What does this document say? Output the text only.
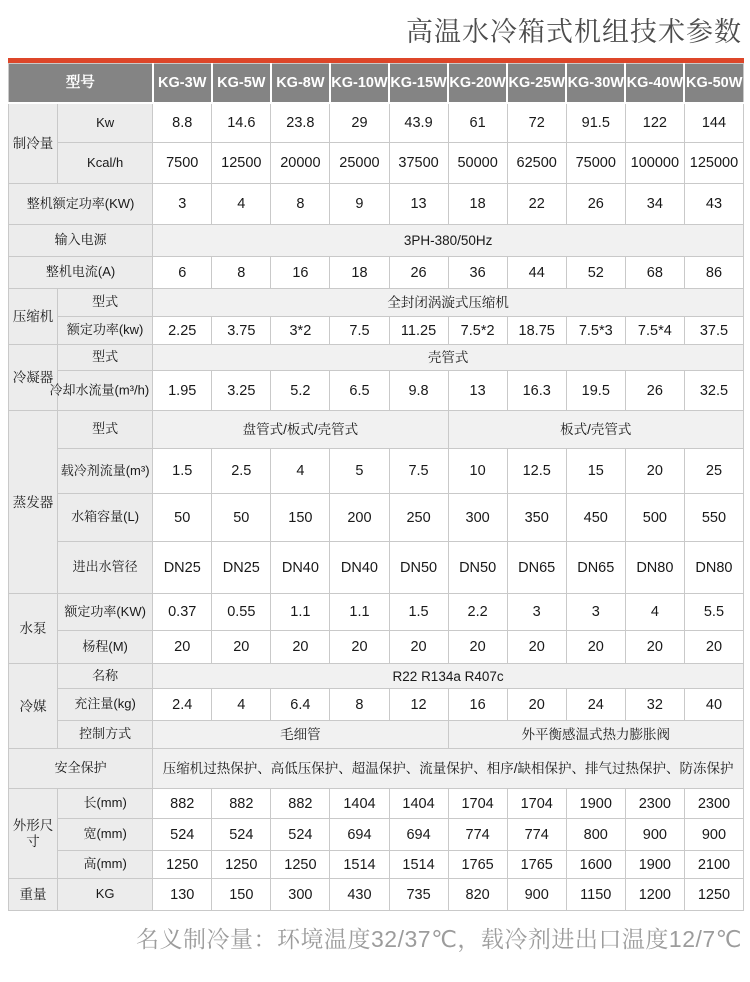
高温水冷箱式机组技术参数
型号		KG-3W	KG-5W	KG-8W	KG-10W	KG-15W	KG-20W	KG-25W	KG-30W	KG-40W	KG-50W
制冷量	Kw	8.8	14.6	23.8	29	43.9	61	72	91.5	122	144
	Kcal/h	7500	12500	20000	25000	37500	50000	62500	75000	100000	125000
整机额定功率(KW)		3	4	8	9	13	18	22	26	34	43
输入电源		3PH-380/50Hz									
整机电流(A)		6	8	16	18	26	36	44	52	68	86
压缩机	型式	全封闭涡漩式压缩机									
	额定功率(kw)	2.25	3.75	3*2	7.5	11.25	7.5*2	18.75	7.5*3	7.5*4	37.5
冷凝器	型式	壳管式									

	冷却水流量(m³/h)	1.95	3.25	5.2	6.5	9.8	13	16.3	19.5	26	32.5
蒸发器	型式	盘管式/板式/壳管式					板式/壳管式				
	载冷剂流量(m³)	1.5	2.5	4	5	7.5	10	12.5	15	20	25
	水箱容量(L)	50	50	150	200	250	300	350	450	500	550
	进出水管径	DN25	DN25	DN40	DN40	DN50	DN50	DN65	DN65	DN80	DN80
水泵	额定功率(KW)	0.37	0.55	1.1	1.1	1.5	2.2	3	3	4	5.5
	杨程(M)	20	20	20	20	20	20	20	20	20	20
冷媒	名称	R22 R134a R407c									
	充注量(kg)	2.4	4	6.4	8	12	16	20	24	32	40
	控制方式	毛细管					外平衡感温式热力膨胀阀				
安全保护		压缩机过热保护、高低压保护、超温保护、流量保护、相序/缺相保护、排气过热保护、防冻保护									
外形尺寸	长(mm)	882	882	882	1404	1404	1704	1704	1900	2300	2300
	宽(mm)	524	524	524	694	694	774	774	800	900	900
	高(mm)	1250	1250	1250	1514	1514	1765	1765	1600	1900	2100
重量	KG	130	150	300	430	735	820	900	1150	1200	1250
名义制冷量：环境温度32/37℃，载冷剂进出口温度12/7℃
